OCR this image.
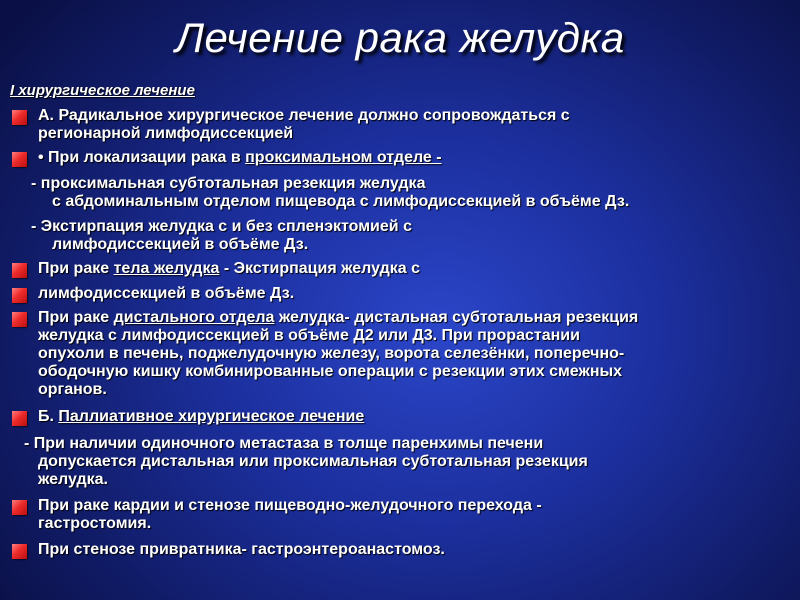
Лечение рака желудка
I хирургическое лечение
А. Радикальное хирургическое лечение должно сопровождаться с
регионарной лимфодиссекцией
• При локализации рака в проксимальном отделе -
- проксимальная субтотальная резекция желудка
с абдоминальным отделом пищевода с лимфодиссекцией в объёме Дз.
- Экстирпация желудка с и без спленэктомией с
лимфодиссекцией в объёме Дз.
При раке тела желудка - Экстирпация желудка с
лимфодиссекцией в объёме Дз.
При раке дистального отдела желудка- дистальная субтотальная резекция
желудка с лимфодиссекцией в объёме Д2 или Д3. При прорастании
опухоли в печень, поджелудочную железу, ворота селезёнки, поперечно-
ободочную кишку комбинированные операции с резекции этих смежных
органов.
Б. Паллиативное хирургическое лечение
- При наличии одиночного метастаза в толще паренхимы печени
допускается дистальная или проксимальная субтотальная резекция
желудка.
При раке кардии и стенозе пищеводно-желудочного перехода -
гастростомия.
При стенозе привратника- гастроэнтероанастомоз.
